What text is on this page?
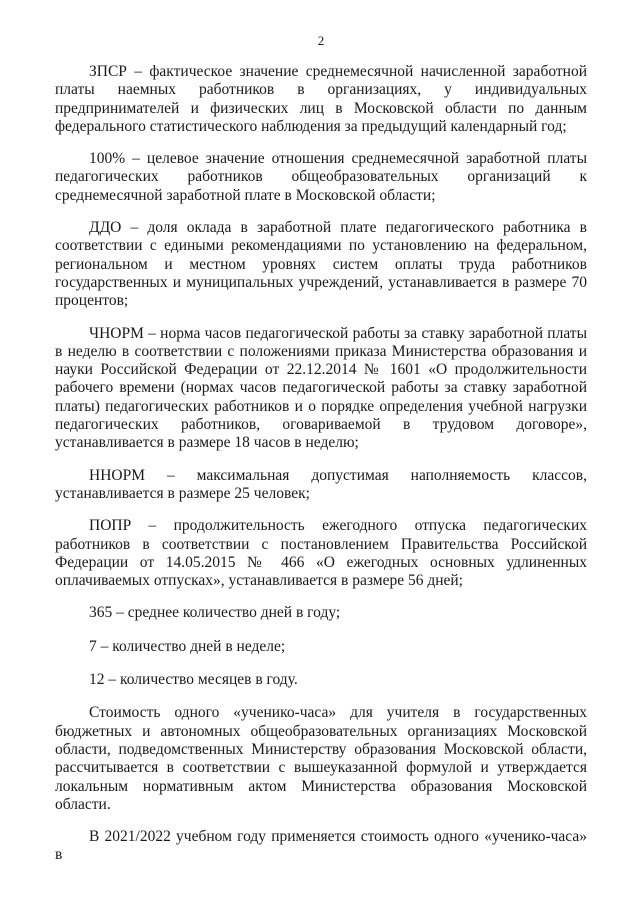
2

ЗПСР – фактическое значение среднемесячной начисленной заработной платы наемных работников в организациях, у индивидуальных предпринимателей и физических лиц в Московской области по данным федерального статистического наблюдения за предыдущий календарный год;

100% – целевое значение отношения среднемесячной заработной платы педагогических работников общеобразовательных организаций к среднемесячной заработной плате в Московской области;

ДДО – доля оклада в заработной плате педагогического работника в соответствии с едиными рекомендациями по установлению на федеральном, региональном и местном уровнях систем оплаты труда работников государственных и муниципальных учреждений, устанавливается в размере 70 процентов;

ЧНОРМ – норма часов педагогической работы за ставку заработной платы в неделю в соответствии с положениями приказа Министерства образования и науки Российской Федерации от 22.12.2014 № 1601 «О продолжительности рабочего времени (нормах часов педагогической работы за ставку заработной платы) педагогических работников и о порядке определения учебной нагрузки педагогических работников, оговариваемой в трудовом договоре», устанавливается в размере 18 часов в неделю;

ННОРМ – максимальная допустимая наполняемость классов, устанавливается в размере 25 человек;

ПОПР – продолжительность ежегодного отпуска педагогических работников в соответствии с постановлением Правительства Российской Федерации от 14.05.2015 № 466 «О ежегодных основных удлиненных оплачиваемых отпусках», устанавливается в размере 56 дней;

365 – среднее количество дней в году;

7 – количество дней в неделе;

12 – количество месяцев в году.

Стоимость одного «ученико-часа» для учителя в государственных бюджетных и автономных общеобразовательных организациях Московской области, подведомственных Министерству образования Московской области, рассчитывается в соответствии с вышеуказанной формулой и утверждается локальным нормативным актом Министерства образования Московской области.

В 2021/2022 учебном году применяется стоимость одного «ученико-часа» в
